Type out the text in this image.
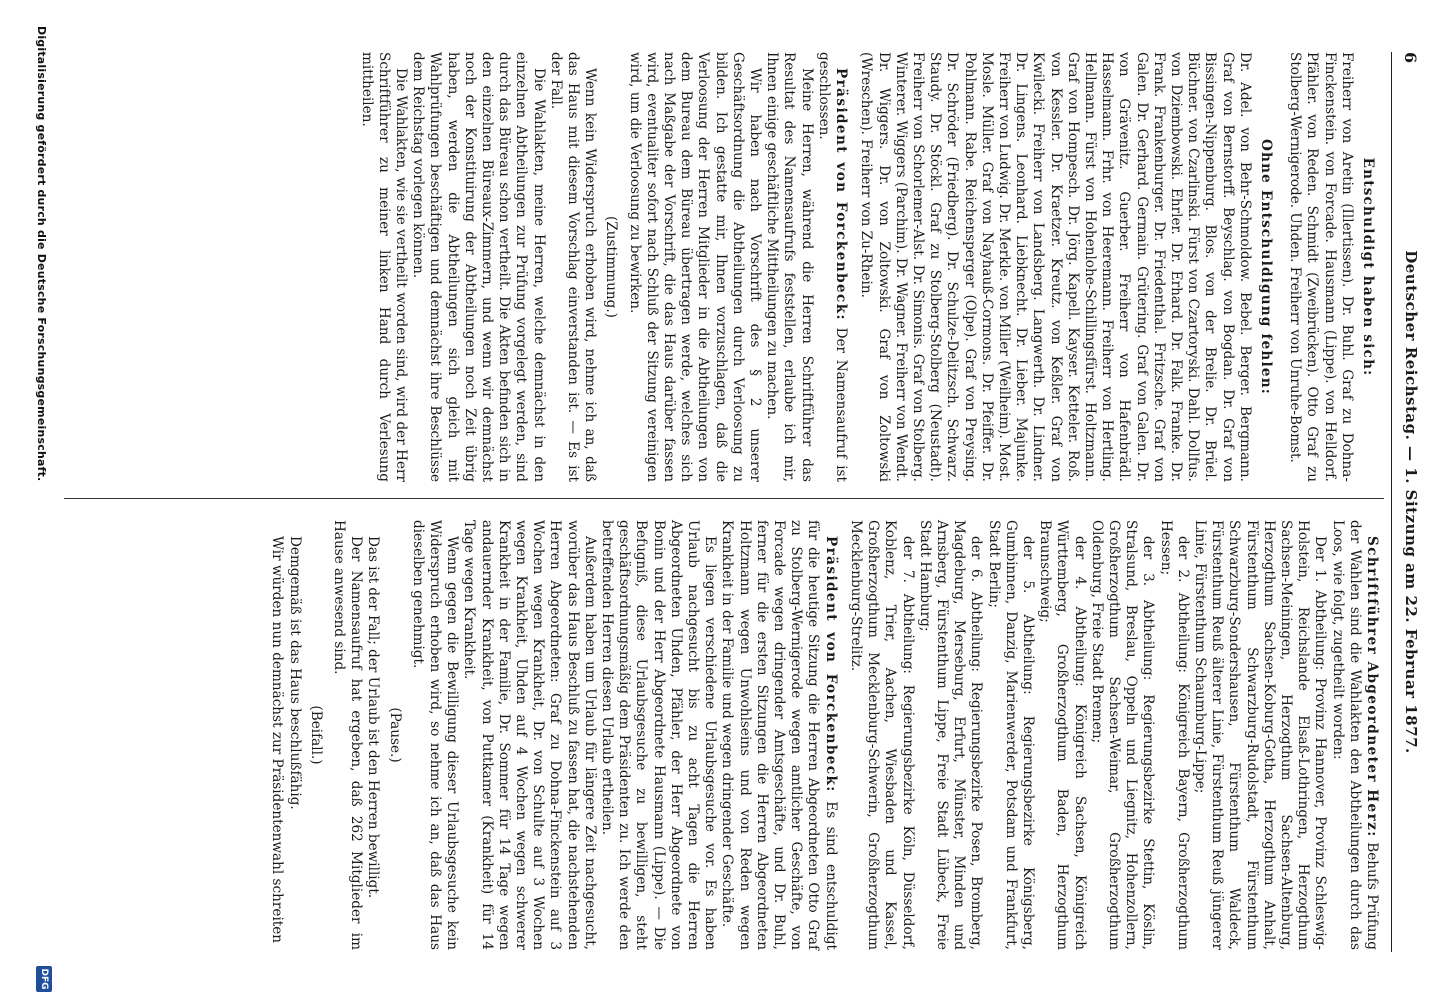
6
Deutscher Reichstag. — 1. Sitzung am 22. Februar 1877.

Entschuldigt haben sich:

Freiherr von Aretin (Illertissen). Dr. Buhl. Graf zu Dohna-Finckenstein. von Forcade. Hausmann (Lippe). von Helldorf. Pfähler. von Reden. Schmidt (Zweibrücken). Otto Graf zu Stolberg-Wernigerode. Uhden. Freiherr von Unruhe-Bomst.

Ohne Entschuldigung fehlen:

Dr. Adel. von Behr-Schmoldow. Bebel. Berger. Bergmann. Graf von Bernstorff. Beyschlag. von Bogdan. Dr. Graf von Bissingen-Nippenburg. Blos. von der Brelie. Dr. Brüel. Büchner. von Czarlinski. Fürst von Czartoryski. Dahl. Dollfus. von Dziembowski. Ehrler. Dr. Erhard. Dr. Falk. Franke. Dr. Frank. Frankenburger. Dr. Friedenthal. Fritzsche. Graf von Galen. Dr. Gerhard. Germain. Grütering. Graf von Galen. Dr. von Grävenitz. Guerber. Freiherr von Hafenbrädl. Hasselmann. Frhr. von Heeremann. Freiherr von Hertling. Hellmann. Fürst von Hohenlohe-Schillingsfürst. Holtzmann. Graf von Hompesch. Dr. Jörg. Kapell. Kayser. Ketteler. Roß. von Kessler. Dr. Kraetzer. Kreutz. von Keßler. Graf von Kwilecki. Freiherr von Landsberg. Langwerth. Dr. Lindner. Dr. Lingens. Leonhard. Liebknecht. Dr. Lieber. Majunke. Freiherr von Ludwig. Dr. Merkle. von Miller (Weilheim). Most. Mosle. Müller. Graf von Nayhauß-Cormons. Dr. Pfeiffer. Dr. Pohlmann. Rabe. Reichensperger (Olpe). Graf von Preysing. Dr. Schröder (Friedberg). Dr. Schulze-Delitzsch. Schwarz. Staudy. Dr. Stöckl. Graf zu Stolberg-Stolberg (Neustadt). Freiherr von Schorlemer-Alst. Dr. Simonis. Graf von Stolberg. Winterer. Wiggers (Parchim). Dr. Wagner. Freiherr von Wendt. Dr. Wiggers. Dr. von Zoltowski. Graf von Zoltowski (Wreschen). Freiherr von Zu-Rhein.

Präsident von Forckenbeck: Der Namensaufruf ist geschlossen.

Meine Herren, während die Herren Schriftführer das Resultat des Namensaufrufs feststellen, erlaube ich mir, Ihnen einige geschäftliche Mittheilungen zu machen.

Wir haben nach Vorschrift des § 2 unserer Geschäftsordnung die Abtheilungen durch Verloosung zu bilden. Ich gestatte mir, Ihnen vorzuschlagen, daß die Verloosung der Herren Mitglieder in die Abtheilungen von dem Bureau dem Büreau übertragen werde, welches sich nach Maßgabe der Vorschrift, die das Haus darüber fassen wird, eventualiter sofort nach Schluß der Sitzung vereinigen wird, um die Verloosung zu bewirken.

(Zustimmung.)

Wenn kein Widerspruch erhoben wird, nehme ich an, daß das Haus mit diesem Vorschlag einverstanden ist. — Es ist der Fall.

Die Wahlakten, meine Herren, welche demnächst in den einzelnen Abtheilungen zur Prüfung vorgelegt werden, sind durch das Büreau schon vertheilt. Die Akten befinden sich in den einzelnen Büreaux-Zimmern, und wenn wir demnächst noch der Konstituirung der Abtheilungen noch Zeit übrig haben, werden die Abtheilungen sich gleich mit Wahlprüfungen beschäftigen und demnächst ihre Beschlüsse dem Reichstag vorlegen können.

Die Wahlakten, wie sie vertheilt worden sind, wird der Herr Schriftführer zu meiner linken Hand durch Verlesung mittheilen.

Schriftführer Abgeordneter Herz: Behufs Prüfung der Wahlen sind die Wahlakten den Abtheilungen durch das Loos, wie folgt, zugetheilt worden:

Der 1. Abtheilung: Provinz Hannover, Provinz Schleswig-Holstein, Reichslande Elsaß-Lothringen, Herzogthum Sachsen-Meiningen, Herzogthum Sachsen-Altenburg, Herzogthum Sachsen-Koburg-Gotha, Herzogthum Anhalt, Fürstenthum Schwarzburg-Rudolstadt, Fürstenthum Schwarzburg-Sondershausen, Fürstenthum Waldeck, Fürstenthum Reuß älterer Linie, Fürstenthum Reuß jüngerer Linie, Fürstenthum Schaumburg-Lippe;

der 2. Abtheilung: Königreich Bayern, Großherzogthum Hessen;

der 3. Abtheilung: Regierungsbezirke Stettin, Köslin, Stralsund, Breslau, Oppeln und Liegnitz, Hohenzollern, Großherzogthum Sachsen-Weimar, Großherzogthum Oldenburg, Freie Stadt Bremen;

der 4. Abtheilung: Königreich Sachsen, Königreich Württemberg, Großherzogthum Baden, Herzogthum Braunschweig;

der 5. Abtheilung: Regierungsbezirke Königsberg, Gumbinnen, Danzig, Marienwerder, Potsdam und Frankfurt, Stadt Berlin;

der 6. Abtheilung: Regierungsbezirke Posen, Bromberg, Magdeburg, Merseburg, Erfurt, Münster, Minden und Arnsberg, Fürstenthum Lippe, Freie Stadt Lübeck, Freie Stadt Hamburg;

der 7. Abtheilung: Regierungsbezirke Köln, Düsseldorf, Koblenz, Trier, Aachen, Wiesbaden und Kassel, Großherzogthum Mecklenburg-Schwerin, Großherzogthum Mecklenburg-Strelitz.

Präsident von Forckenbeck: Es sind entschuldigt für die heutige Sitzung die Herren Abgeordneten Otto Graf zu Stolberg-Wernigerode wegen amtlicher Geschäfte, von Forcade wegen dringender Amtsgeschäfte, und Dr. Buhl, ferner für die ersten Sitzungen die Herren Abgeordneten Holtzmann wegen Unwohlseins und von Reden wegen Krankheit in der Familie und wegen dringender Geschäfte.

Es liegen verschiedene Urlaubsgesuche vor. Es haben Urlaub nachgesucht bis zu acht Tagen die Herren Abgeordneten Uhden, Pfähler, der Herr Abgeordnete von Bonin und der Herr Abgeordnete Hausmann (Lippe). — Die Befugniß, diese Urlaubsgesuche zu bewilligen, steht geschäftsordnungsmäßig dem Präsidenten zu. Ich werde den betreffenden Herren diesen Urlaub ertheilen.

Außerdem haben um Urlaub für längere Zeit nachgesucht, worüber das Haus Beschluß zu fassen hat, die nachstehenden Herren Abgeordneten: Graf zu Dohna-Finckenstein auf 3 Wochen wegen Krankheit, Dr. von Schulte auf 3 Wochen wegen Krankheit, Uhden auf 4 Wochen wegen schwerer Krankheit in der Familie, Dr. Sommer für 14 Tage wegen andauernder Krankheit, von Puttkamer (Krankheit) für 14 Tage wegen Krankheit.

Wenn gegen die Bewilligung dieser Urlaubsgesuche kein Widerspruch erhoben wird, so nehme ich an, daß das Haus dieselben genehmigt.

(Pause.)

Das ist der Fall; der Urlaub ist den Herren bewilligt.

Der Namensaufruf hat ergeben, daß 262 Mitglieder im Hause anwesend sind.

(Beifall.)

Demgemäß ist das Haus beschlußfähig.

Wir würden nun demnächst zur Präsidentenwahl schreiten

Digitalisierung gefördert durch die Deutsche Forschungsgemeinschaft.
DFG
